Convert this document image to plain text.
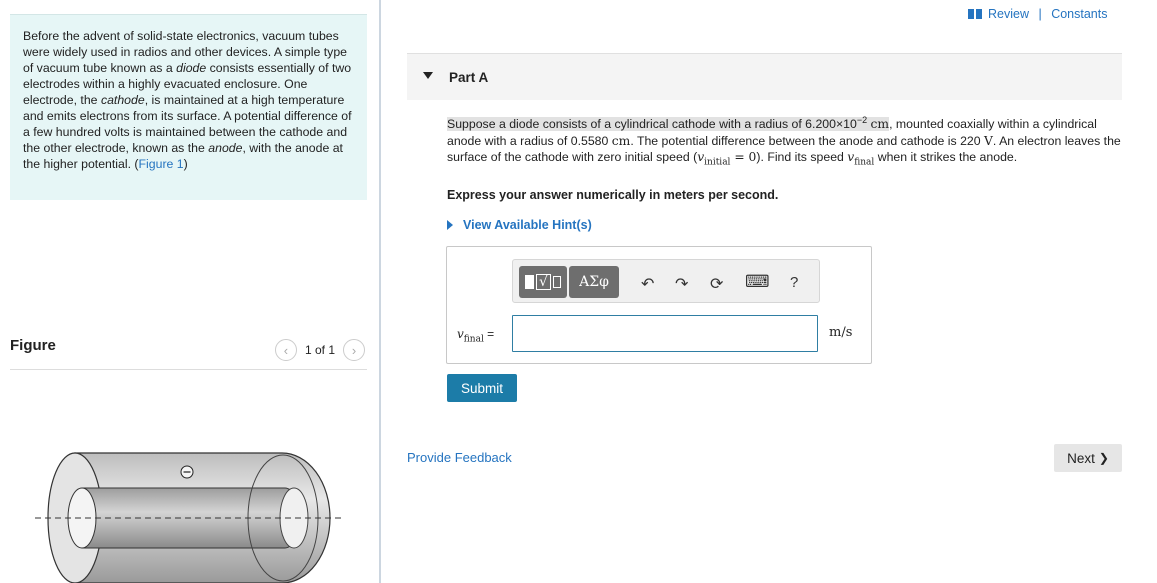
Before the advent of solid-state electronics, vacuum tubes were widely used in radios and other devices. A simple type of vacuum tube known as a diode consists essentially of two electrodes within a highly evacuated enclosure. One electrode, the cathode, is maintained at a high temperature and emits electrons from its surface. A potential difference of a few hundred volts is maintained between the cathode and the other electrode, known as the anode, with the anode at the higher potential. (Figure 1)
Figure	‹	1 of 1	›
Review | Constants
Part A
Suppose a diode consists of a cylindrical cathode with a radius of $6.200\times 10^{-2}$ cm, mounted coaxially within a cylindrical anode with a radius of 0.5580 cm. The potential difference between the anode and cathode is 220 V. An electron leaves the surface of the cathode with zero initial speed $(v_{initial} = 0)$. Find its speed $v_{final}$ when it strikes the anode.
Express your answer numerically in meters per second.
View Available Hint(s)
√	ΑΣφ	↶ ↷ ⟳ ⌨ ?
$v_{final}$ =	m/s
Submit
Provide Feedback	Next ❯
